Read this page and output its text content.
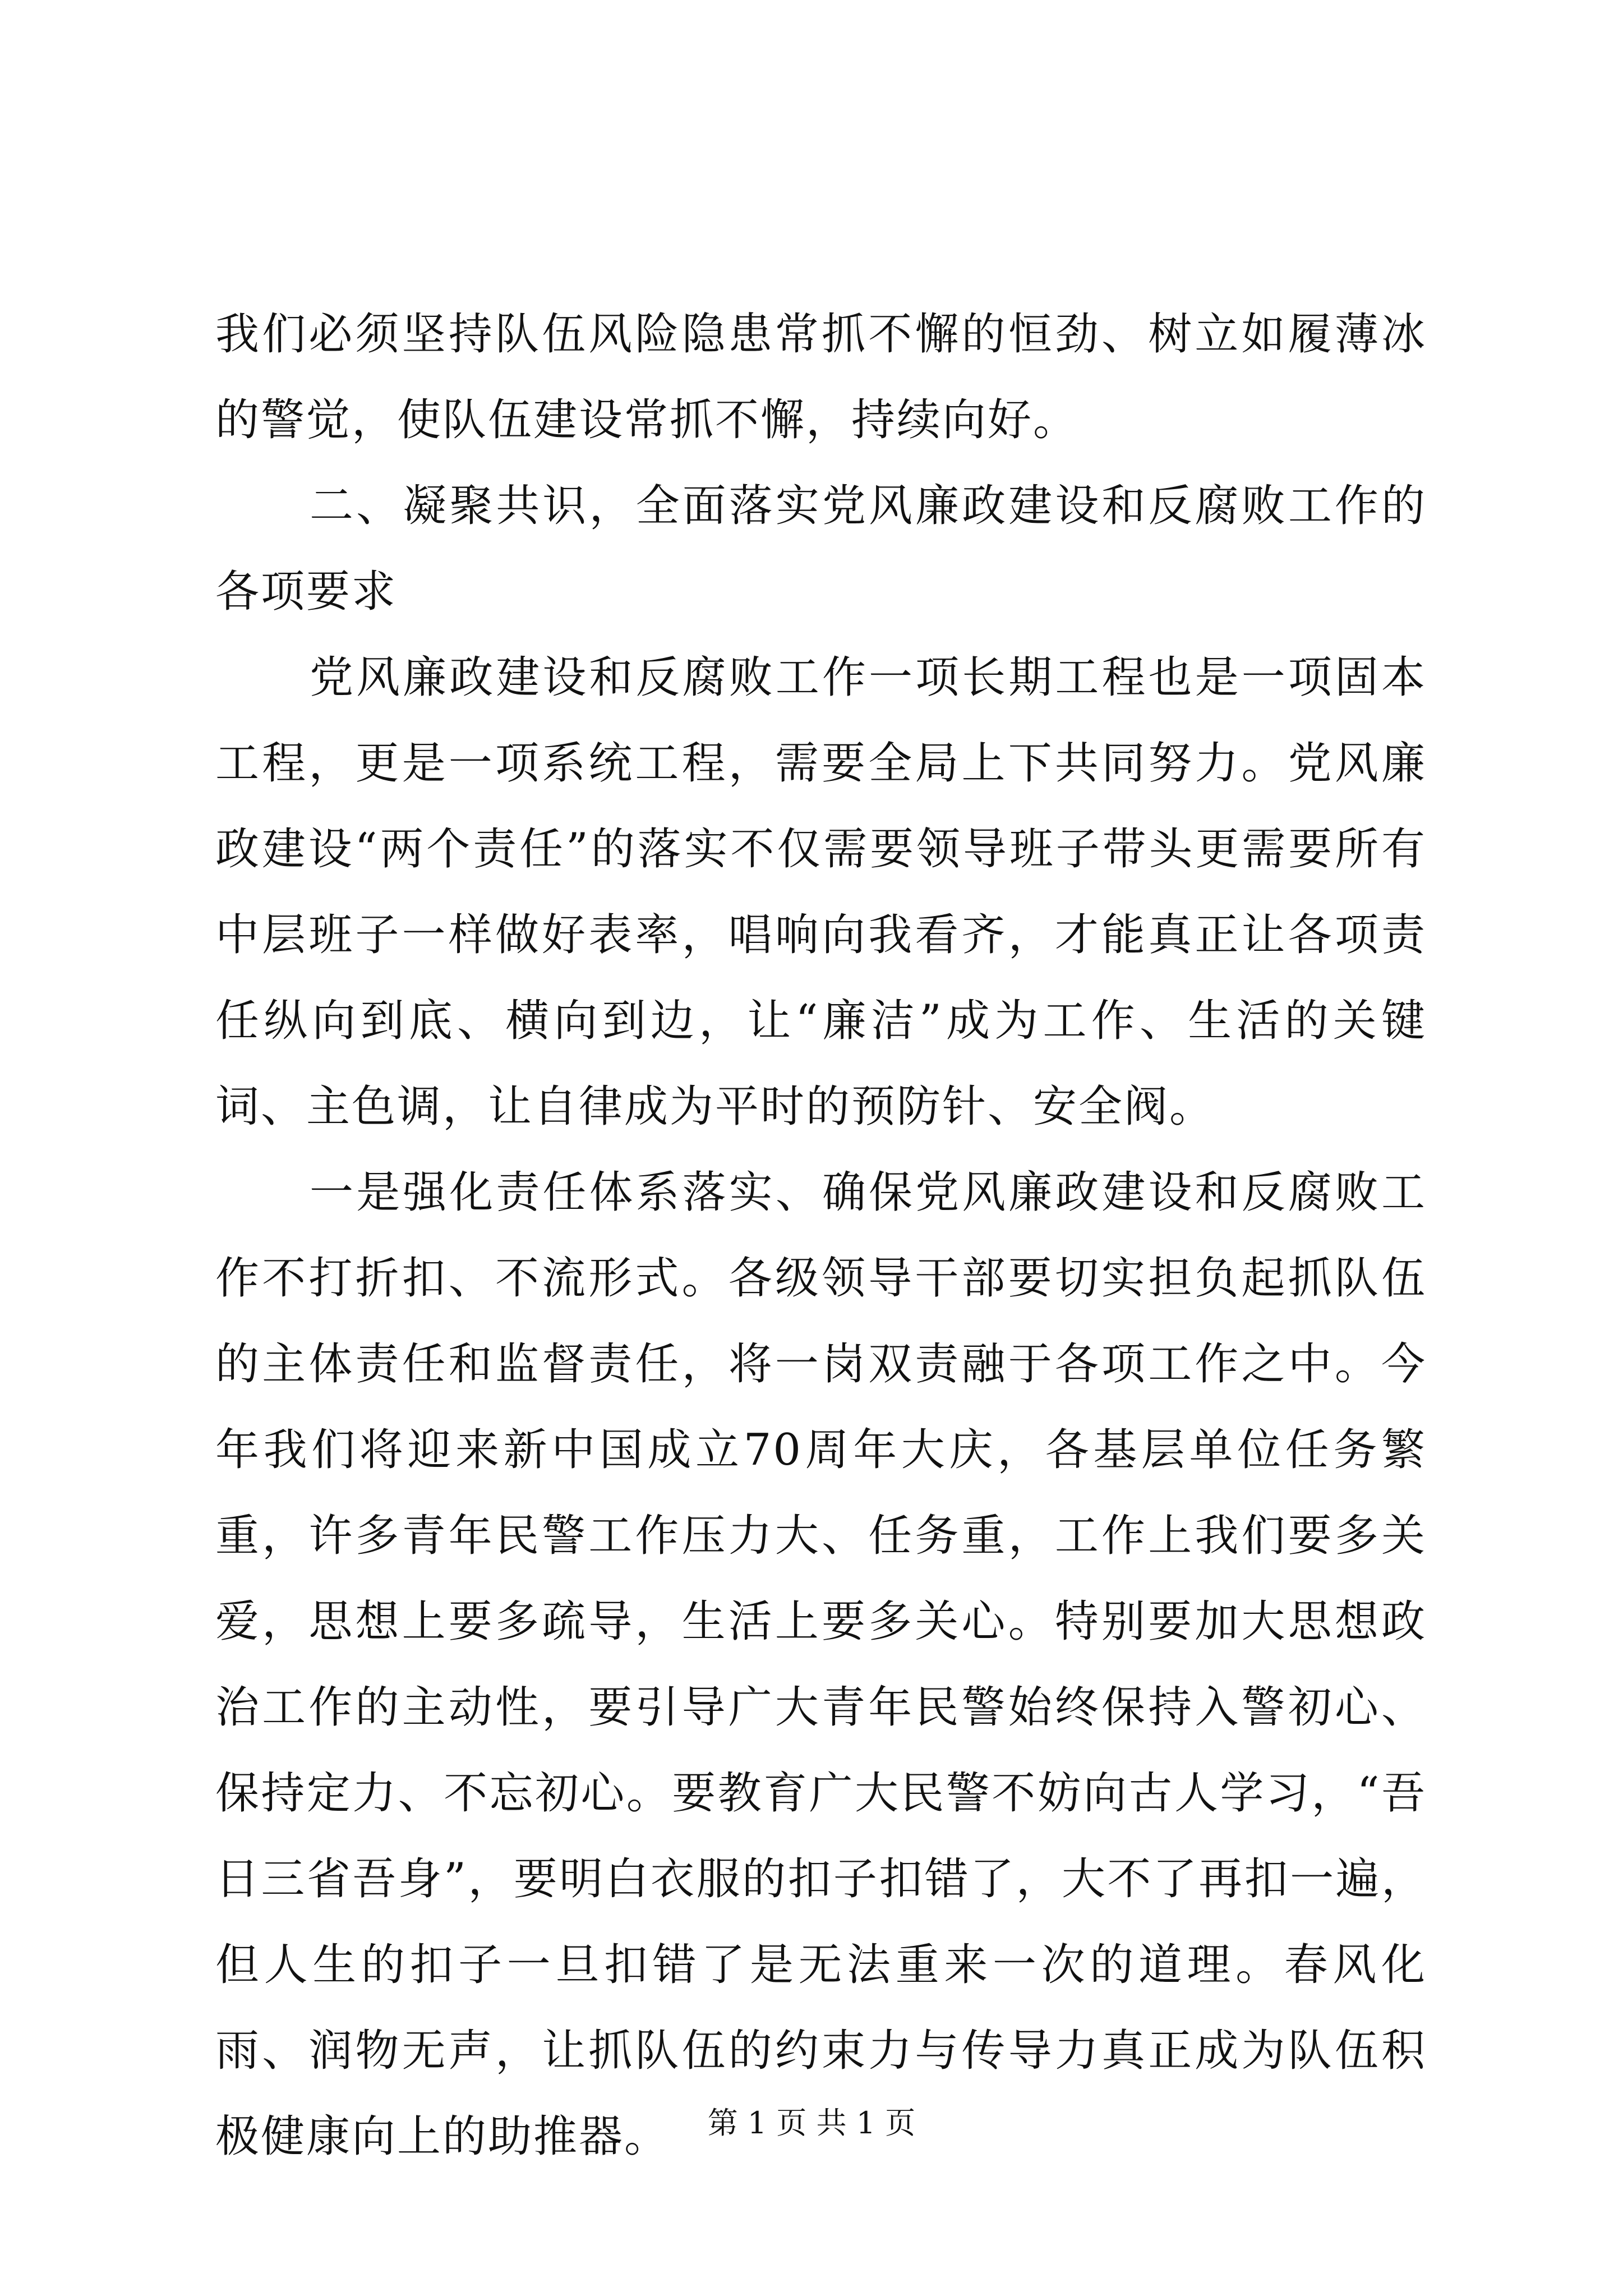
我们必须坚持队伍风险隐患常抓不懈的恒劲、树立如履薄冰的警觉，使队伍建设常抓不懈，持续向好。

二、凝聚共识，全面落实党风廉政建设和反腐败工作的各项要求

党风廉政建设和反腐败工作一项长期工程也是一项固本工程，更是一项系统工程，需要全局上下共同努力。党风廉政建设“两个责任”的落实不仅需要领导班子带头更需要所有中层班子一样做好表率，唱响向我看齐，才能真正让各项责任纵向到底、横向到边，让“廉洁”成为工作、生活的关键词、主色调，让自律成为平时的预防针、安全阀。

一是强化责任体系落实、确保党风廉政建设和反腐败工作不打折扣、不流形式。各级领导干部要切实担负起抓队伍的主体责任和监督责任，将一岗双责融于各项工作之中。今年我们将迎来新中国成立70周年大庆，各基层单位任务繁重，许多青年民警工作压力大、任务重，工作上我们要多关爱，思想上要多疏导，生活上要多关心。特别要加大思想政治工作的主动性，要引导广大青年民警始终保持入警初心、保持定力、不忘初心。要教育广大民警不妨向古人学习，“吾日三省吾身”，要明白衣服的扣子扣错了，大不了再扣一遍，但人生的扣子一旦扣错了是无法重来一次的道理。春风化雨、润物无声，让抓队伍的约束力与传导力真正成为队伍积极健康向上的助推器。	第 1 页 共 1 页
